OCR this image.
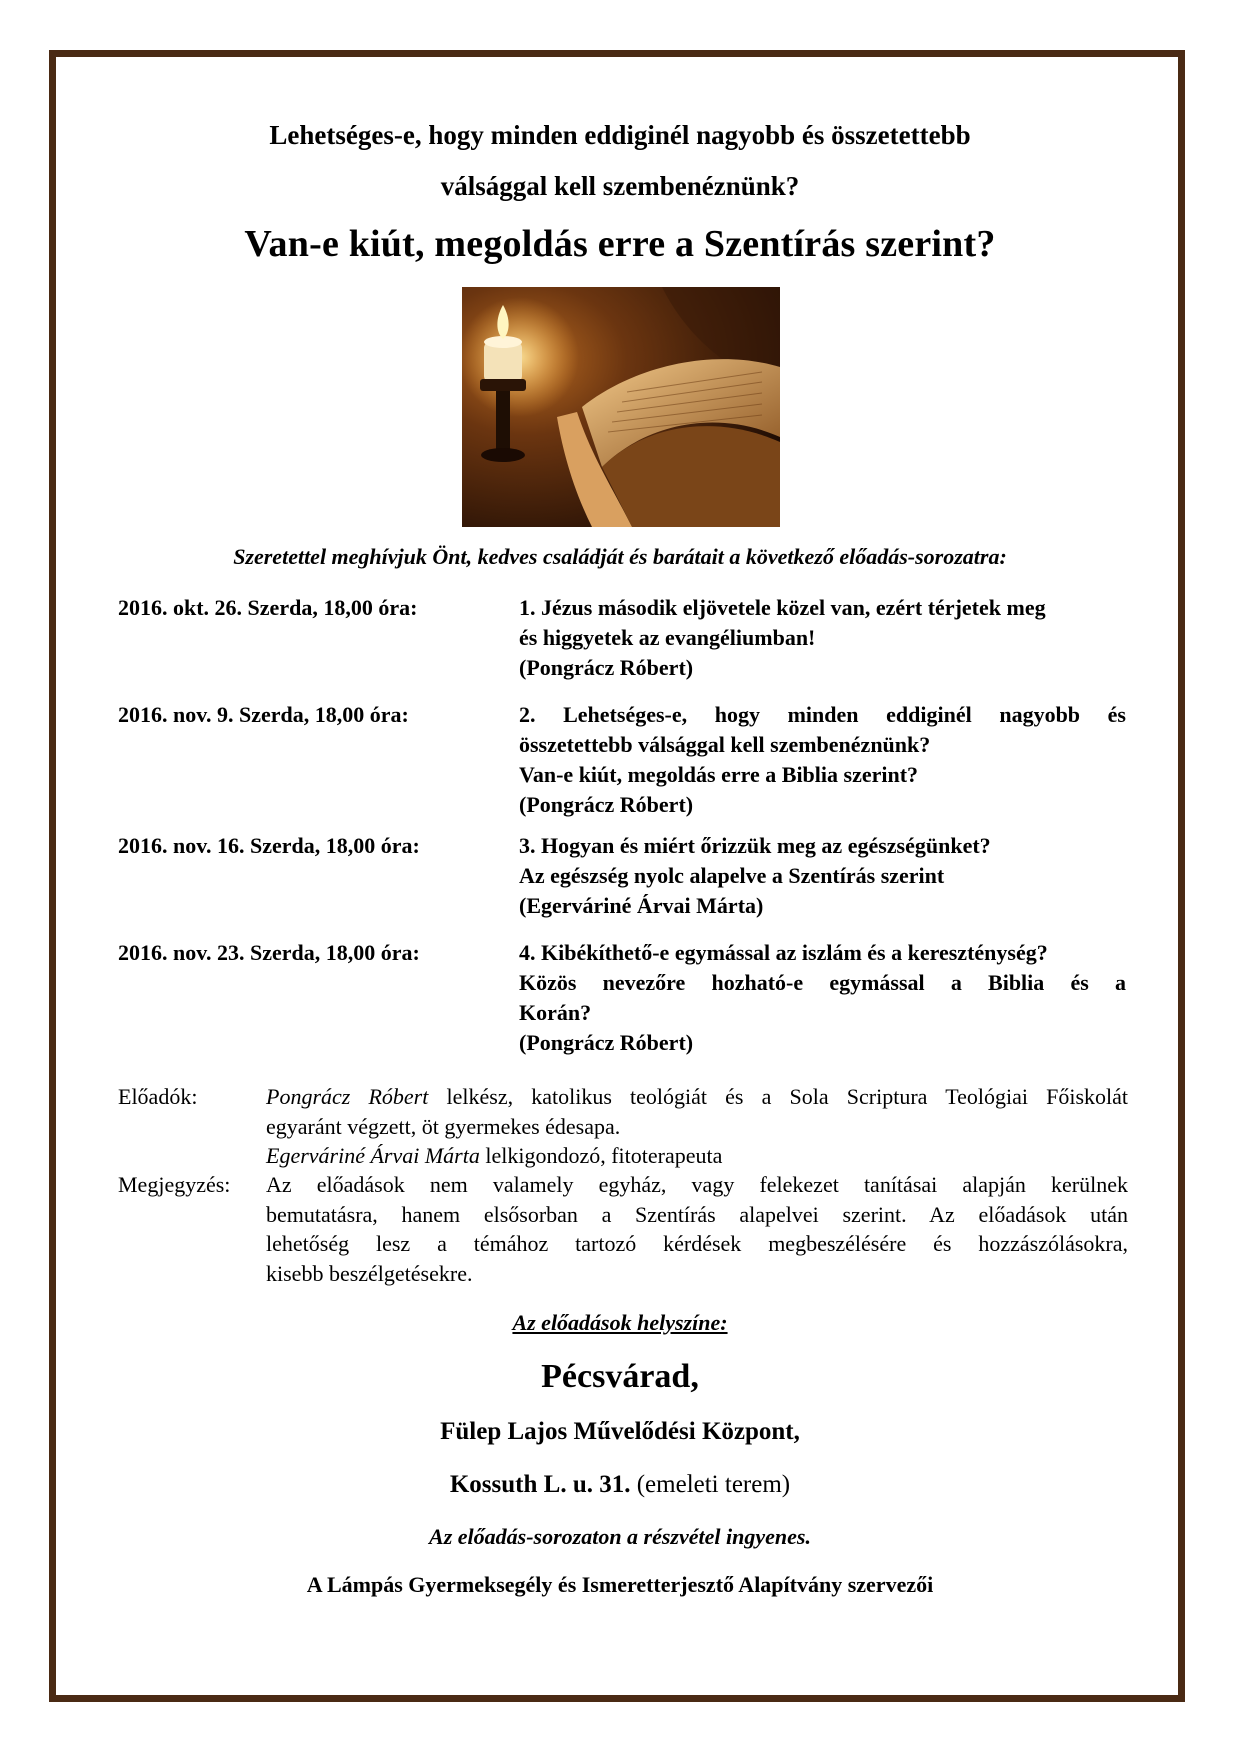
Lehetséges-e, hogy minden eddiginél nagyobb és összetettebb
válsággal kell szembenéznünk?
Van-e kiút, megoldás erre a Szentírás szerint?
Szeretettel meghívjuk Önt, kedves családját és barátait a következő előadás-sorozatra:
2016. okt. 26. Szerda, 18,00 óra:	1. Jézus második eljövetele közel van, ezért térjetek meg
és higgyetek az evangéliumban!
(Pongrácz Róbert)
2016. nov. 9. Szerda, 18,00 óra:	2. Lehetséges-e, hogy minden eddiginél nagyobb és
összetettebb válsággal kell szembenéznünk?
Van-e kiút, megoldás erre a Biblia szerint?
(Pongrácz Róbert)
2016. nov. 16. Szerda, 18,00 óra:	3. Hogyan és miért őrizzük meg az egészségünket?
Az egészség nyolc alapelve a Szentírás szerint
(Egerváriné Árvai Márta)
2016. nov. 23. Szerda, 18,00 óra:	4. Kibékíthető-e egymással az iszlám és a kereszténység?
Közös nevezőre hozható-e egymással a Biblia és a
Korán?
(Pongrácz Róbert)
Előadók:	Pongrácz Róbert lelkész, katolikus teológiát és a Sola Scriptura Teológiai Főiskolát
egyaránt végzett, öt gyermekes édesapa.
Egerváriné Árvai Márta lelkigondozó, fitoterapeuta
Megjegyzés: Az előadások nem valamely egyház, vagy felekezet tanításai alapján kerülnek
bemutatásra, hanem elsősorban a Szentírás alapelvei szerint. Az előadások után
lehetőség lesz a témához tartozó kérdések megbeszélésére és hozzászólásokra,
kisebb beszélgetésekre.
Az előadások helyszíne:
Pécsvárad,
Fülep Lajos Művelődési Központ,
Kossuth L. u. 31. (emeleti terem)
Az előadás-sorozaton a részvétel ingyenes.
A Lámpás Gyermeksegély és Ismeretterjesztő Alapítvány szervezői
